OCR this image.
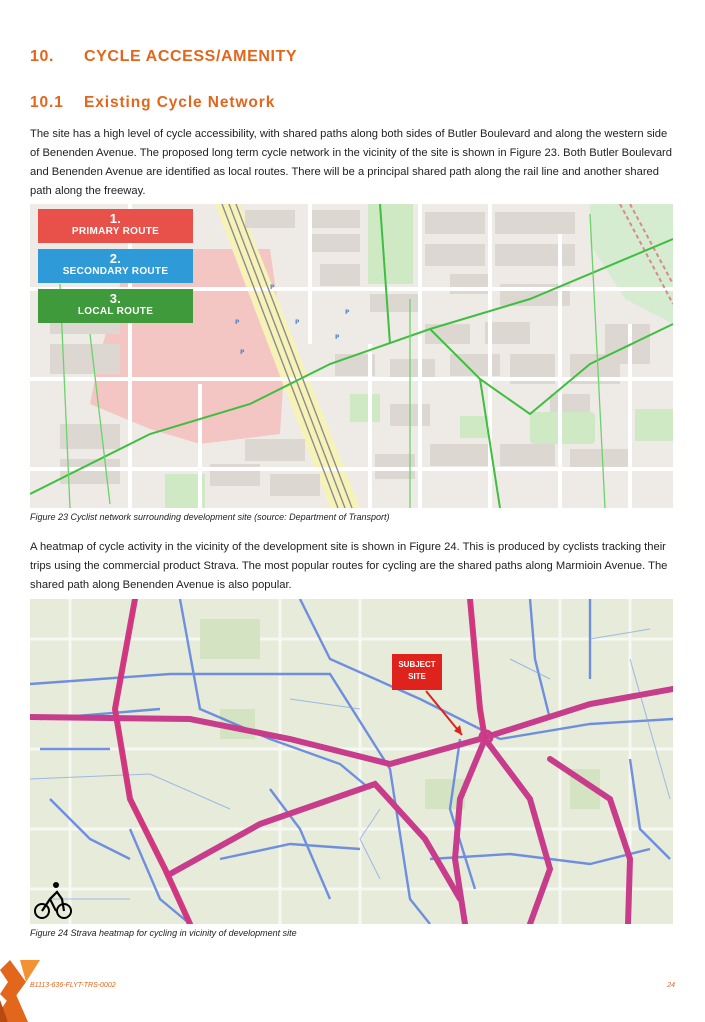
10. CYCLE ACCESS/AMENITY
10.1 Existing Cycle Network

The site has a high level of cycle accessibility, with shared paths along both sides of Butler Boulevard and along the western side of Benenden Avenue. The proposed long term cycle network in the vicinity of the site is shown in Figure 23. Both Butler Boulevard and Benenden Avenue are identified as local routes. There will be a principal shared path along the rail line and another shared path along the freeway.

P
P	P
P
P
P
1.
PRIMARY ROUTE
2.
SECONDARY ROUTE
3.
LOCAL ROUTE

Figure 23 Cyclist network surrounding development site (source: Department of Transport)

A heatmap of cycle activity in the vicinity of the development site is shown in Figure 24. This is produced by cyclists tracking their trips using the commercial product Strava. The most popular routes for cycling are the shared paths along Marmioin Avenue. The shared path along Benenden Avenue is also popular.

SUBJECT
SITE

Figure 24 Strava heatmap for cycling in vicinity of development site

B1113-636-FLYT-TRS-0002	24
